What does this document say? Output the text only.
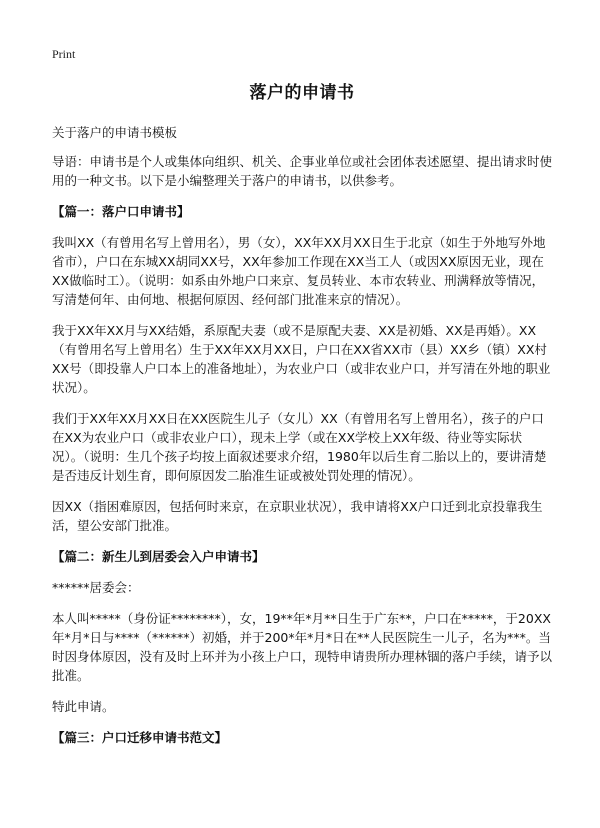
Print
落户的申请书
关于落户的申请书模板
导语：申请书是个人或集体向组织、机关、企事业单位或社会团体表述愿望、提出请求时使用的一种文书。以下是小编整理关于落户的申请书，以供参考。
【篇一：落户口申请书】
我叫XX（有曾用名写上曾用名），男（女），XX年XX月XX日生于北京（如生于外地写外地省市），户口在东城XX胡同XX号，XX年参加工作现在XX当工人（或因XX原因无业，现在XX做临时工）。（说明：如系由外地户口来京、复员转业、本市农转业、刑满释放等情况，写清楚何年、由何地、根据何原因、经何部门批准来京的情况）。
我于XX年XX月与XX结婚，系原配夫妻（或不是原配夫妻、XX是初婚、XX是再婚）。XX（有曾用名写上曾用名）生于XX年XX月XX日，户口在XX省XX市（县）XX乡（镇）XX村XX号（即投靠人户口本上的准备地址），为农业户口（或非农业户口，并写清在外地的职业状况）。
我们于XX年XX月XX日在XX医院生儿子（女儿）XX（有曾用名写上曾用名），孩子的户口在XX为农业户口（或非农业户口），现未上学（或在XX学校上XX年级、待业等实际状况）。（说明：生几个孩子均按上面叙述要求介绍，1980年以后生育二胎以上的，要讲清楚是否违反计划生育，即何原因发二胎准生证或被处罚处理的情况）。
因XX（指困难原因，包括何时来京，在京职业状况），我申请将XX户口迁到北京投靠我生活，望公安部门批准。
【篇二：新生儿到居委会入户申请书】
******居委会：
本人叫*****（身份证********），女，19**年*月**日生于广东**，户口在*****，于20XX年*月*日与****（******）初婚，并于200*年*月*日在**人民医院生一儿子，名为***。当时因身体原因，没有及时上环并为小孩上户口，现特申请贵所办理林锢的落户手续，请予以批准。
特此申请。
【篇三：户口迁移申请书范文】
